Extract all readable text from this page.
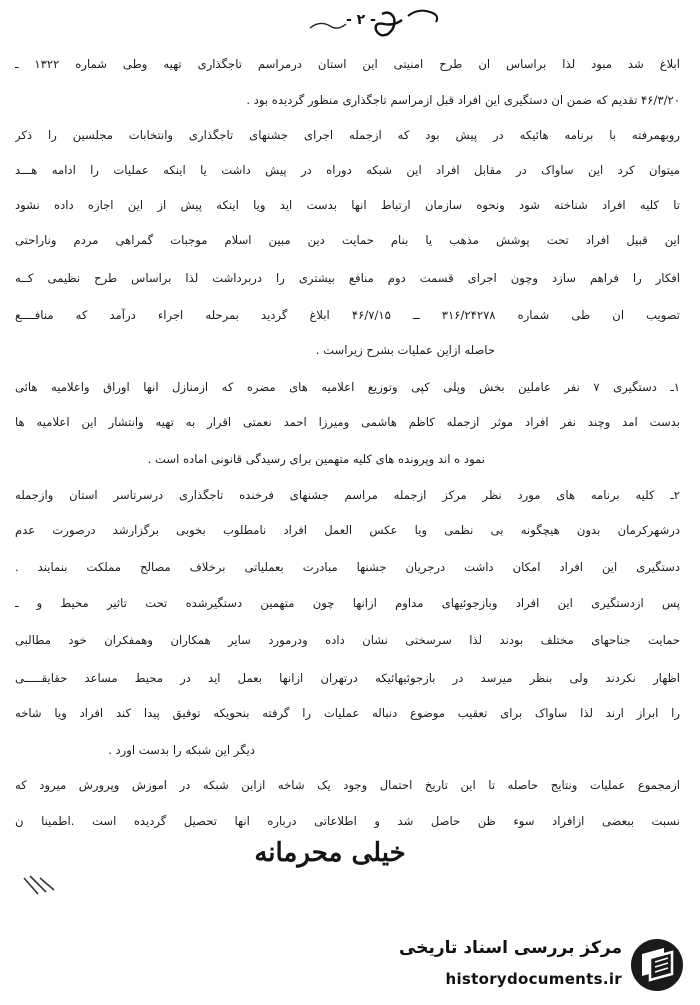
- ۲ -
ابلاغ شد مبود لذا براساس ان طرح امنیتی این استان درمراسم تاجگذاری تهیه وطی شماره ۱۳۲۲ ـ
۴۶/۳/۲۰ تقدیم که ضمن ان دستگیری این افراد قبل ازمراسم تاجگذاری منظور گردیده بود .
روبهمرفته با برنامه هائیکه در پیش بود که ازجمله اجرای جشنهای تاجگذاری وانتخابات مجلسین را ذکر
میتوان کرد این ساواک در مقابل افراد این شبکه دوراه در پیش داشت یا اینکه عملیات را ادامه هـــد
تا کلیه افراد شناخته شود ونحوه سازمان ارتباط انها بدست اید ویا اینکه پیش از این اجازه داده نشود
این قبیل افراد تحت پوشش مذهب یا بنام حمایت دین مبین اسلام موجبات گمراهی مردم وناراحتی
افکار را فراهم سازد وچون اجرای قسمت دوم منافع بیشتری را دربرداشت لذا براساس طرح نظیمی کــه
تصویب ان طی شماره ۳۱۶/۲۴۲۷۸ ــ ۴۶/۷/۱۵ ابلاغ گردید بمرحله اجراء درآمد که منافــــع
حاصله ازاین عملیات بشرح زیراست .
۱ـ دستگیری ۷ نفر عاملین بخش وپلی کپی وتوزیع اعلامیه های مضره که ازمنازل انها اوراق واعلامیه هائی
بدست امد وچند نفر افراد موثر ازجمله کاظم هاشمی ومیرزا احمد نعمتی اقرار به تهیه وانتشار این اعلامیه ها
نمود ه اند وپرونده های کلیه متهمین برای رسیدگی قانونی اماده است .
۲ـ کلیه برنامه های مورد نظر مرکز ازجمله مراسم جشنهای فرخنده تاجگذاری درسرتاسر استان وازجمله
درشهرکرمان بدون هیچگونه بی نظمی ویا عکس العمل افراد نامطلوب بخوبی برگزارشد درصورت عدم
دستگیری این افراد امکان داشت درجریان جشنها مبادرت بعملیاتی برخلاف مصالح مملکت بنمایند .
پس ازدستگیری این افراد وبازجوئیهای مداوم ازانها چون متهمین دستگیرشده تحت تاثیر محیط و ـ
حمایت جناحهای مختلف بودند لذا سرسختی نشان داده ودرمورد سایر همکاران وهمفکران خود مطالبی
اظهار نکردند ولی بنظر میرسد در بازجوئیهائیکه درتهران ازانها بعمل اید در محیط مساعد حقایقـــــی
را ابراز ارند لذا ساواک برای تعقیب موضوع دنباله عملیات را گرفته بنحویکه توفیق پیدا کند افراد ویا شاخه
دیگر این شبکه را بدست اورد .
ازمجموع عملیات ونتایج حاصله تا این تاریخ احتمال وجود یک شاخه ازاین شبکه در اموزش وپرورش میرود که
نسبت ببعضی ازافراد سوء ظن حاصل شد و اطلاعاتی درباره انها تحصیل گردیده است .اطمینا ن
خیلی محرمانه
مرکز بررسی اسناد تاریخی
historydocuments.ir
